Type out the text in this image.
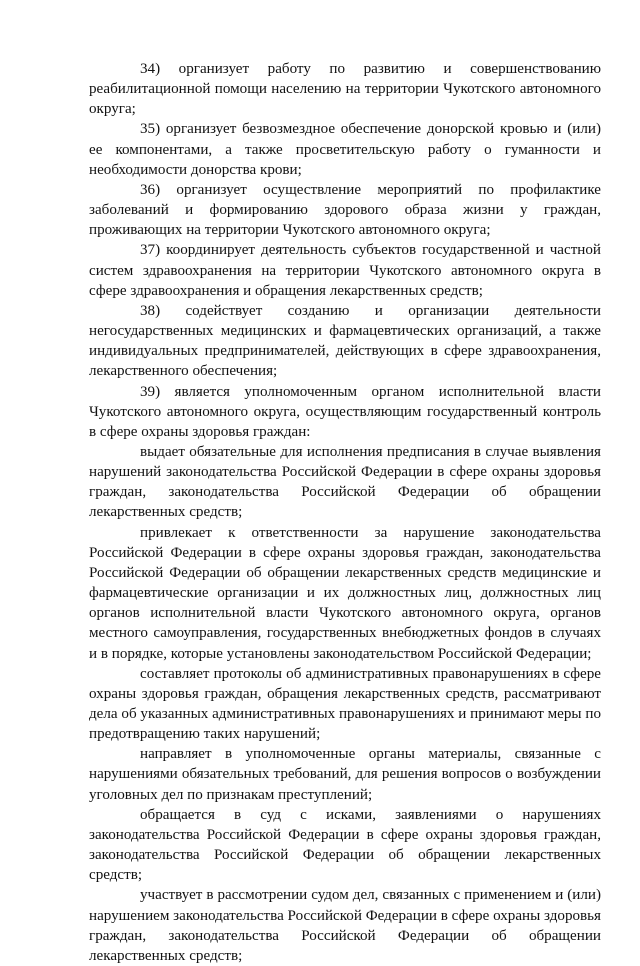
34) организует работу по развитию и совершенствованию реабилитационной помощи населению на территории Чукотского автономного округа;

35) организует безвозмездное обеспечение донорской кровью и (или) ее компонентами, а также просветительскую работу о гуманности и необходимости донорства крови;

36) организует осуществление мероприятий по профилактике заболеваний и формированию здорового образа жизни у граждан, проживающих на территории Чукотского автономного округа;

37) координирует деятельность субъектов государственной и частной систем здравоохранения на территории Чукотского автономного округа в сфере здравоохранения и обращения лекарственных средств;

38) содействует созданию и организации деятельности негосударственных медицинских и фармацевтических организаций, а также индивидуальных предпринимателей, действующих в сфере здравоохранения, лекарственного обеспечения;

39) является уполномоченным органом исполнительной власти Чукотского автономного округа, осуществляющим государственный контроль в сфере охраны здоровья граждан:

выдает обязательные для исполнения предписания в случае выявления нарушений законодательства Российской Федерации в сфере охраны здоровья граждан, законодательства Российской Федерации об обращении лекарственных средств;

привлекает к ответственности за нарушение законодательства Российской Федерации в сфере охраны здоровья граждан, законодательства Российской Федерации об обращении лекарственных средств медицинские и фармацевтические организации и их должностных лиц, должностных лиц органов исполнительной власти Чукотского автономного округа, органов местного самоуправления, государственных внебюджетных фондов в случаях и в порядке, которые установлены законодательством Российской Федерации;

составляет протоколы об административных правонарушениях в сфере охраны здоровья граждан, обращения лекарственных средств, рассматривают дела об указанных административных правонарушениях и принимают меры по предотвращению таких нарушений;

направляет в уполномоченные органы материалы, связанные с нарушениями обязательных требований, для решения вопросов о возбуждении уголовных дел по признакам преступлений;

обращается в суд с исками, заявлениями о нарушениях законодательства Российской Федерации в сфере охраны здоровья граждан, законодательства Российской Федерации об обращении лекарственных средств;

участвует в рассмотрении судом дел, связанных с применением и (или) нарушением законодательства Российской Федерации в сфере охраны здоровья граждан, законодательства Российской Федерации об обращении лекарственных средств;
